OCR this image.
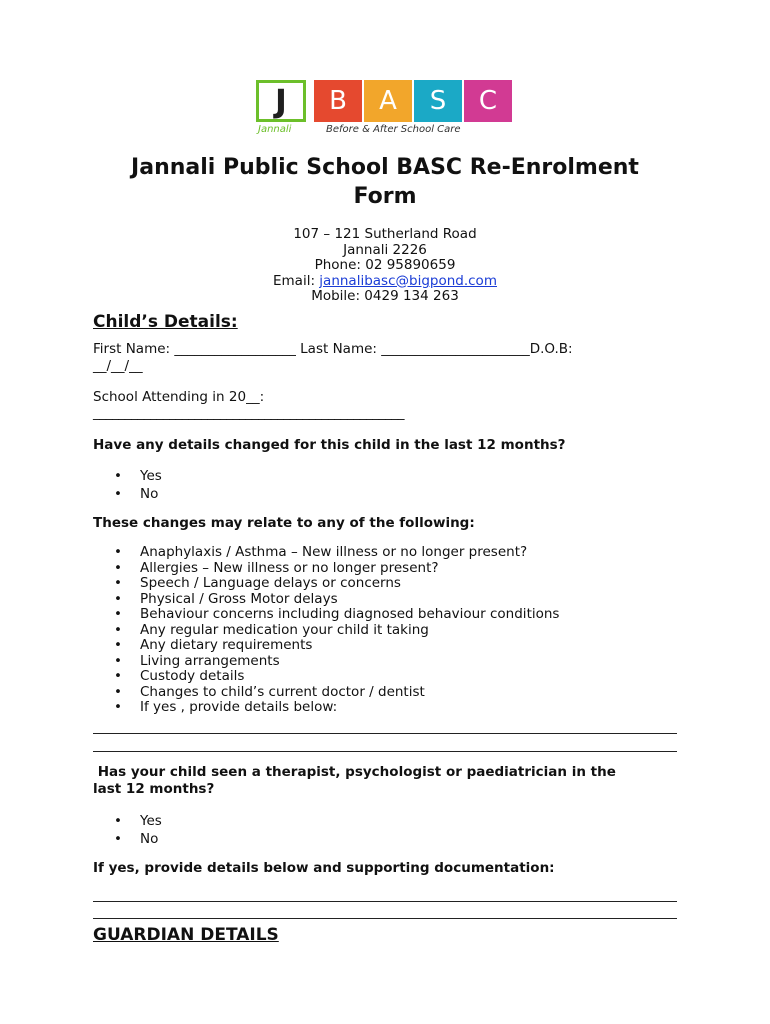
J	B	A	S	C
Jannali	Before & After School Care
Jannali Public School BASC Re-Enrolment
Form
107 – 121 Sutherland Road
Jannali 2226
Phone: 02 95890659
Email: jannalibasc@bigpond.com
Mobile: 0429 134 263
Child’s Details:
First Name: __________________ Last Name: ______________________D.O.B:
__/__/__
School Attending in 20__:
_________________________________________________
Have any details changed for this child in the last 12 months?
• Yes
• No
These changes may relate to any of the following:
• Anaphylaxis / Asthma – New illness or no longer present?
• Allergies – New illness or no longer present?
• Speech / Language delays or concerns
• Physical / Gross Motor delays
• Behaviour concerns including diagnosed behaviour conditions
• Any regular medication your child it taking
• Any dietary requirements
• Living arrangements
• Custody details
• Changes to child’s current doctor / dentist
• If yes , provide details below:
Has your child seen a therapist, psychologist or paediatrician in the
last 12 months?
• Yes
• No
If yes, provide details below and supporting documentation:
GUARDIAN DETAILS
